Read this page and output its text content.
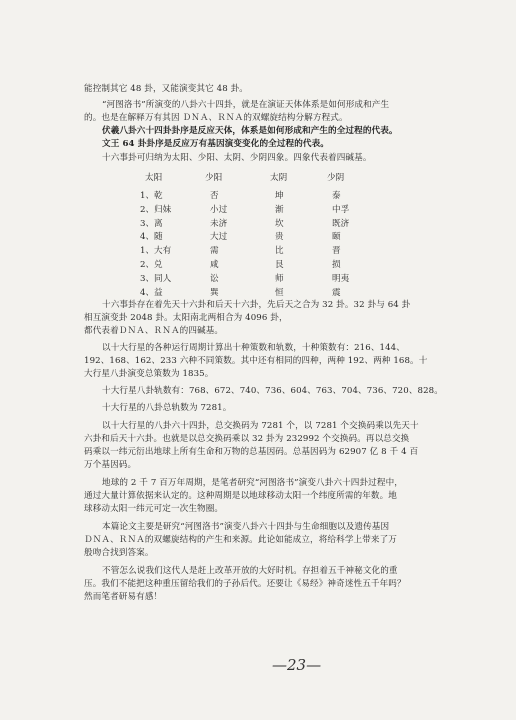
能控制其它 48 卦，又能演变其它 48 卦。
“河图洛书”所演变的八卦六十四卦，就是在演证天体体系是如何形成和产生
的。也是在解释万有其因 ＤＮＡ、ＲＮＡ的双螺旋结构分解方程式。
伏羲八卦六十四卦卦序是反应天体，体系是如何形成和产生的全过程的代表。
文王 64 卦卦序是反应万有基因演变变化的全过程的代表。
十六事卦可归纳为太阳、少阳、太阴、少阴四象。四象代表着四碱基。
太阳	少阳	太阴	少阴
1、乾	否	坤	泰
2、归妹	小过	渐	中孚
3、离	未济	坎	既济
4、随	大过	贵	颐
1、大有	需	比	晋
2、兑	咸	艮	损
3、同人	讼	师	明夷
4、益	巽	恒	震
十六事卦存在着先天十六卦和后天十六卦，先后天之合为 32 卦。32 卦与 64 卦
相互演变卦 2048 卦。太阳南北两相合为 4096 卦，
都代表着ＤＮＡ、ＲＮＡ的四碱基。
以十大行星的各种运行周期计算出十种策数和轨数，十种策数有：216、144、
192、168、162、233 六种不同策数。其中还有相同的四种，两种 192、两种 168。十
大行星八卦演变总策数为 1835。
十大行星八卦轨数有：768、672、740、736、604、763、704、736、720、828。
十大行星的八卦总轨数为 7281。
以十大行星的八卦六十四卦，总交换码为 7281 个，以 7281 个交换码乘以先天十
六卦和后天十六卦。也就是以总交换码乘以 32 卦为 232992 个交换码。再以总交换
码乘以一纬元衍出地球上所有生命和万物的总基因码。总基因码为 62907 亿 8 千 4 百
万个基因码。
地球的 2 千 7 百万年周期，是笔者研究“河图洛书”演变八卦六十四卦过程中，
通过大量计算依据来认定的。这种周期是以地球移动太阳一个纬度所需的年数。地
球移动太阳一纬元可定一次生物圈。
本篇论文主要是研究“河图洛书”演变八卦六十四卦与生命细胞以及遗传基因
ＤＮＡ、ＲＮＡ的双螺旋结构的产生和来源。此论如能成立，将给科学上带来了万
般吻合找到答案。
不管怎么说我们这代人是赶上改革开放的大好时机。存担着五千神秘文化的重
压。我们不能把这种重压留给我们的子孙后代。还要让《易经》神奇迷性五千年吗？
然而笔者研易有感！
—23—
